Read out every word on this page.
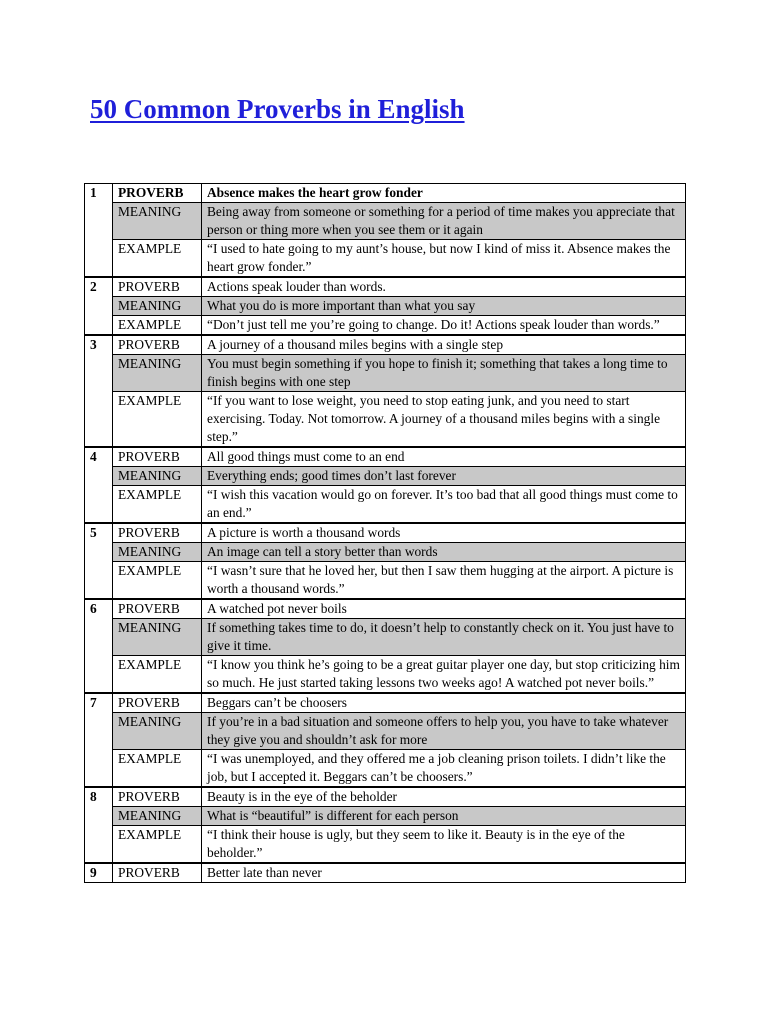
50 Common Proverbs in English
1	PROVERB	Absence makes the heart grow fonder
	MEANING	Being away from someone or something for a period of time makes you appreciate that person or thing more when you see them or it again
	EXAMPLE	“I used to hate going to my aunt’s house, but now I kind of miss it. Absence makes the heart grow fonder.”
2	PROVERB	Actions speak louder than words.
	MEANING	What you do is more important than what you say
	EXAMPLE	“Don’t just tell me you’re going to change. Do it! Actions speak louder than words.”
3	PROVERB	A journey of a thousand miles begins with a single step
	MEANING	You must begin something if you hope to finish it; something that takes a long time to finish begins with one step
	EXAMPLE	“If you want to lose weight, you need to stop eating junk, and you need to start exercising. Today. Not tomorrow. A journey of a thousand miles begins with a single step.”
4	PROVERB	All good things must come to an end
	MEANING	Everything ends; good times don’t last forever
	EXAMPLE	“I wish this vacation would go on forever. It’s too bad that all good things must come to an end.”
5	PROVERB	A picture is worth a thousand words
	MEANING	An image can tell a story better than words
	EXAMPLE	“I wasn’t sure that he loved her, but then I saw them hugging at the airport. A picture is worth a thousand words.”
6	PROVERB	A watched pot never boils
	MEANING	If something takes time to do, it doesn’t help to constantly check on it. You just have to give it time.
	EXAMPLE	“I know you think he’s going to be a great guitar player one day, but stop criticizing him so much. He just started taking lessons two weeks ago! A watched pot never boils.”
7	PROVERB	Beggars can’t be choosers
	MEANING	If you’re in a bad situation and someone offers to help you, you have to take whatever they give you and shouldn’t ask for more
	EXAMPLE	“I was unemployed, and they offered me a job cleaning prison toilets. I didn’t like the job, but I accepted it. Beggars can’t be choosers.”
8	PROVERB	Beauty is in the eye of the beholder
	MEANING	What is “beautiful” is different for each person
	EXAMPLE	“I think their house is ugly, but they seem to like it. Beauty is in the eye of the beholder.”
9	PROVERB	Better late than never
